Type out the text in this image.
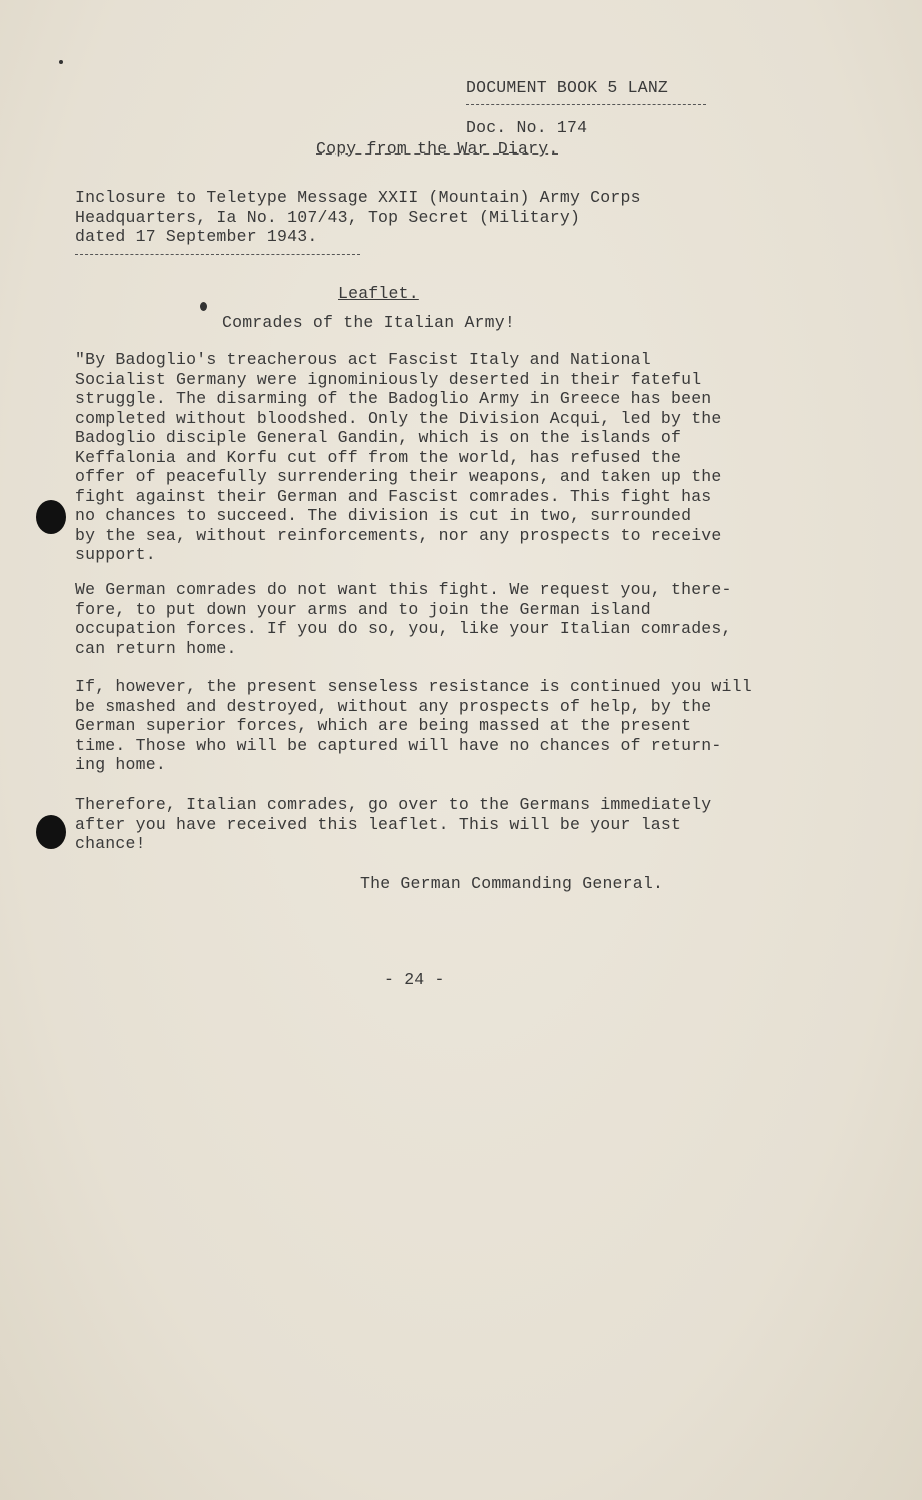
DOCUMENT BOOK 5 LANZ
Doc. No. 174
Copy from the War Diary.
Inclosure to Teletype Message XXII (Mountain) Army Corps
Headquarters, Ia No. 107/43, Top Secret (Military)
dated 17 September 1943.
Leaflet.
Comrades of the Italian Army!
"By Badoglio's treacherous act Fascist Italy and National
Socialist Germany were ignominiously deserted in their fateful
struggle. The disarming of the Badoglio Army in Greece has been
completed without bloodshed. Only the Division Acqui, led by the
Badoglio disciple General Gandin, which is on the islands of
Keffalonia and Korfu cut off from the world, has refused the
offer of peacefully surrendering their weapons, and taken up the
fight against their German and Fascist comrades. This fight has
no chances to succeed. The division is cut in two, surrounded
by the sea, without reinforcements, nor any prospects to receive
support.
We German comrades do not want this fight. We request you, there-
fore, to put down your arms and to join the German island
occupation forces. If you do so, you, like your Italian comrades,
can return home.
If, however, the present senseless resistance is continued you will
be smashed and destroyed, without any prospects of help, by the
German superior forces, which are being massed at the present
time. Those who will be captured will have no chances of return-
ing home.
Therefore, Italian comrades, go over to the Germans immediately
after you have received this leaflet. This will be your last
chance!
The German Commanding General.
- 24 -
